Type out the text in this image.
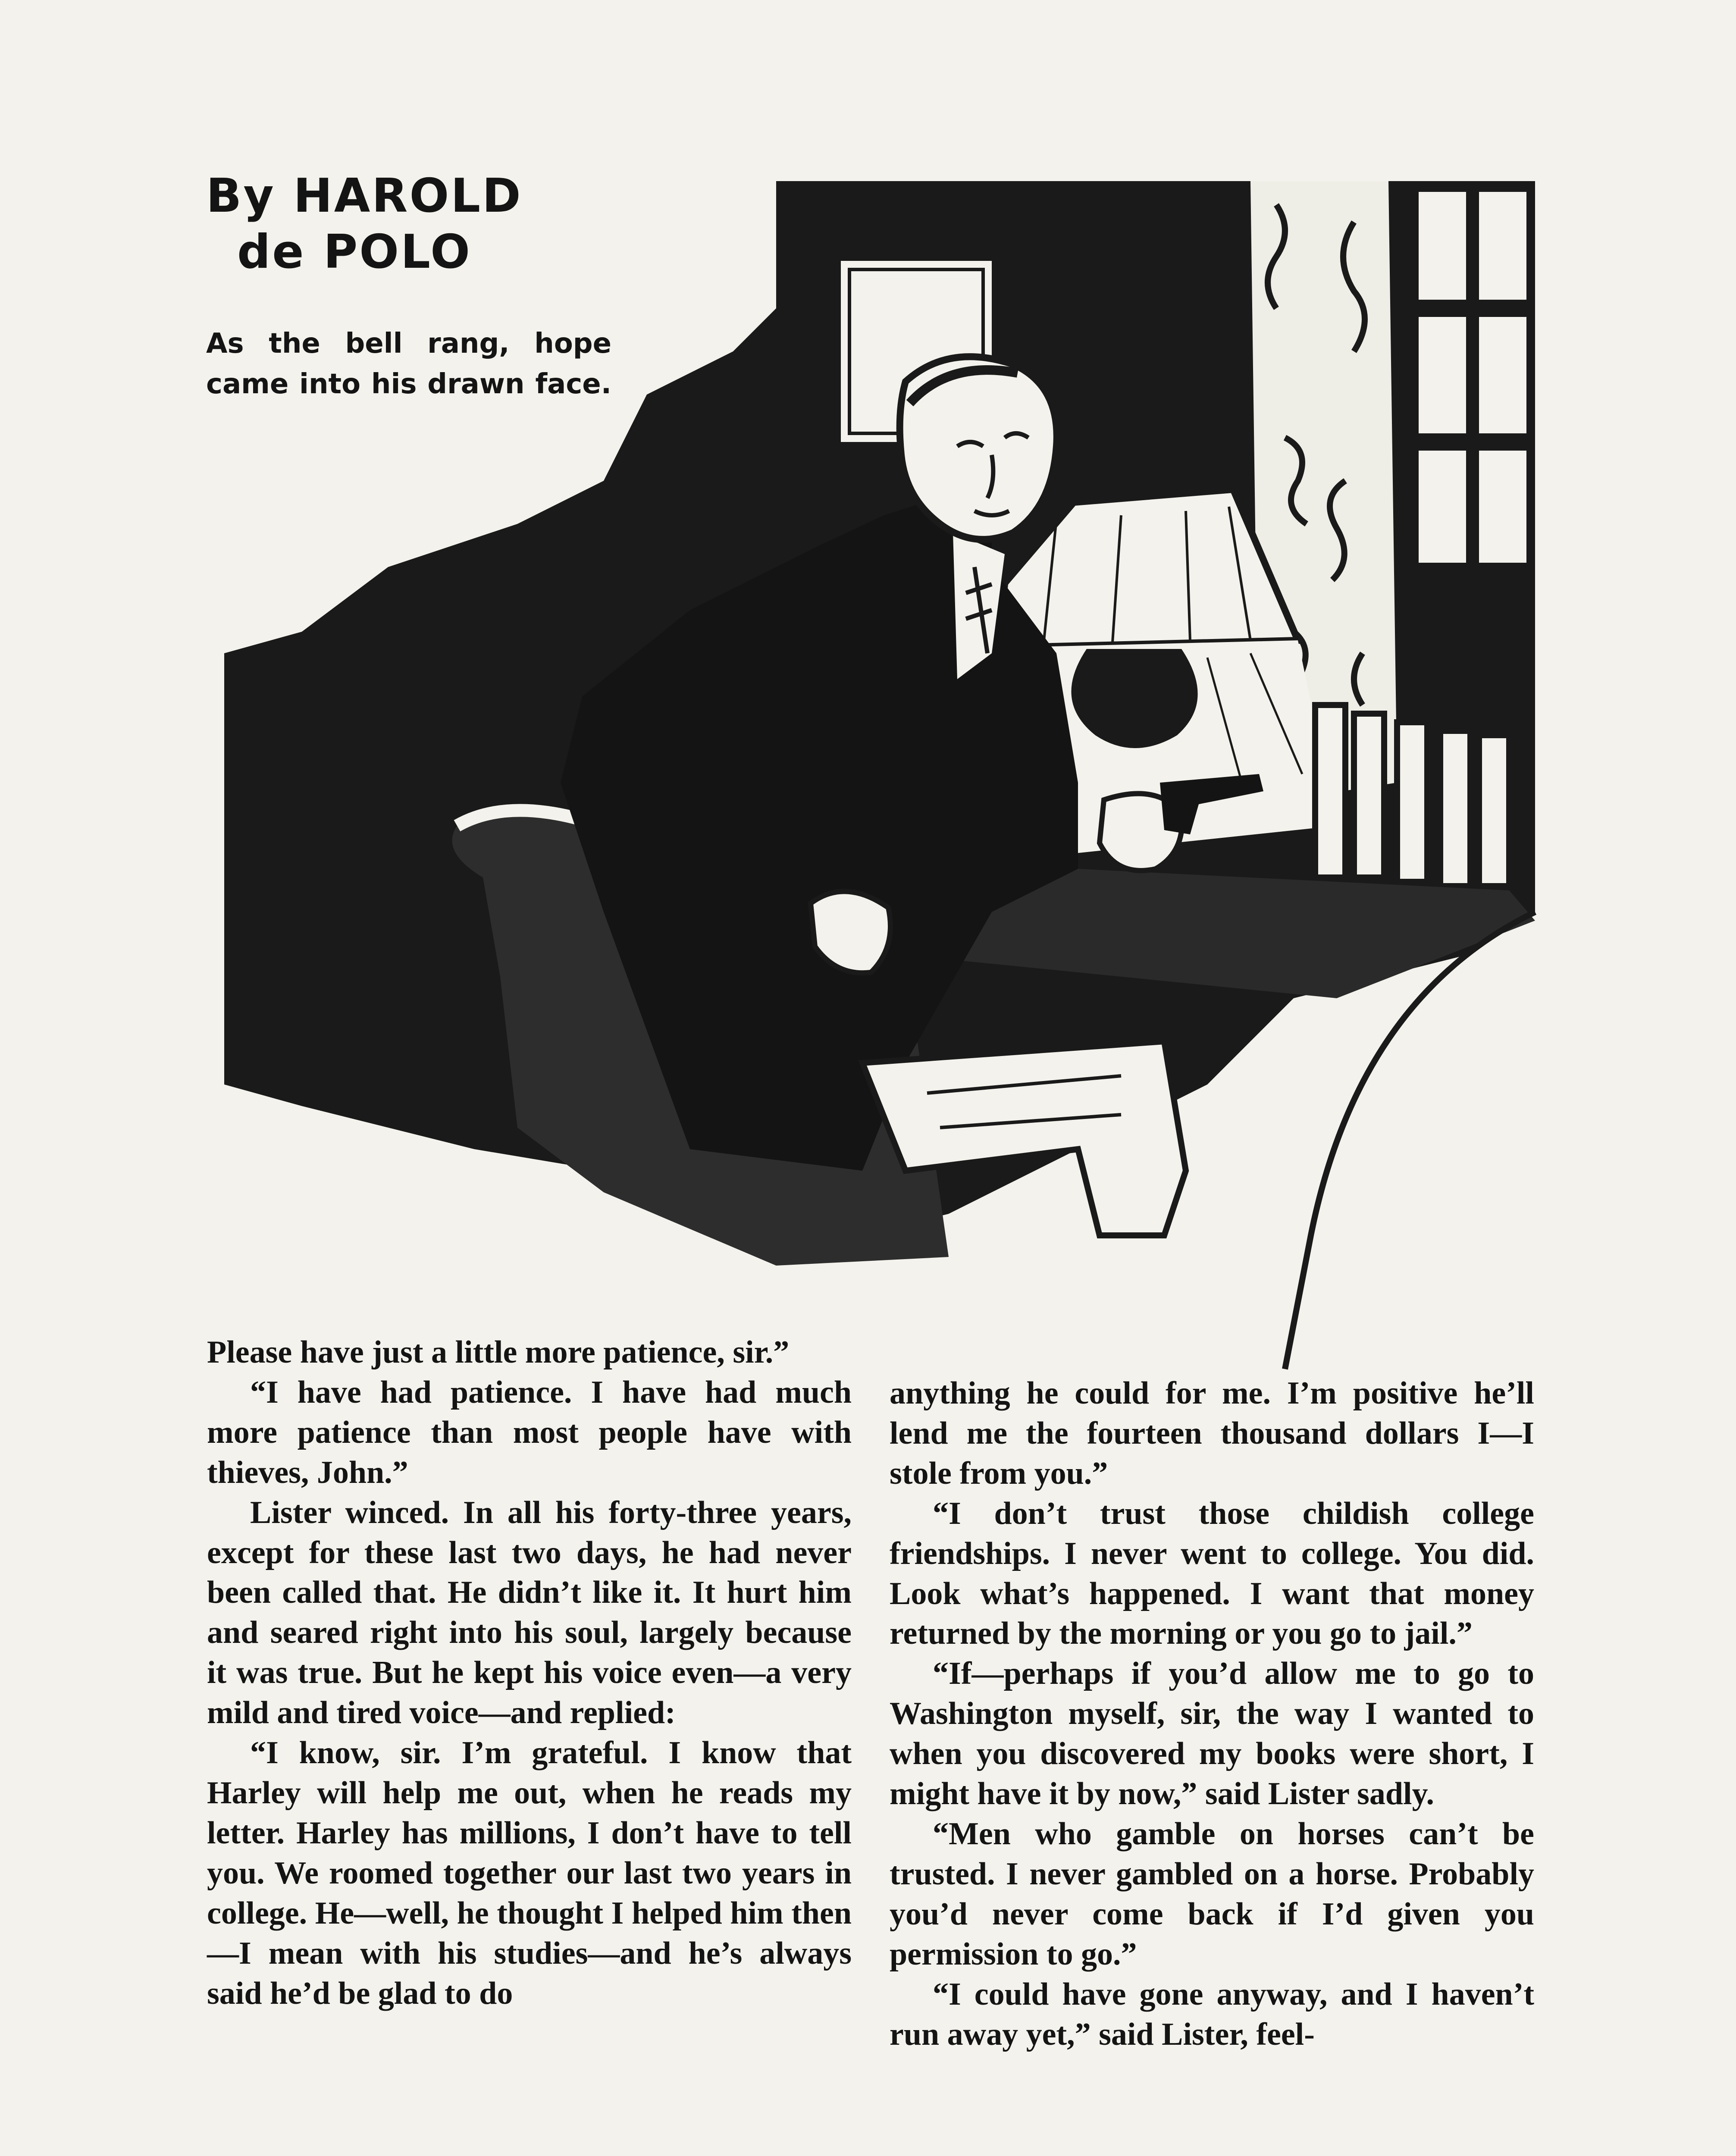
By HAROLD
de POLO
As the bell rang, hope
came into his drawn face.

Please have just a little more patience, sir.”

“I have had patience. I have had much more patience than most people have with thieves, John.”

Lister winced. In all his forty-three years, except for these last two days, he had never been called that. He didn’t like it. It hurt him and seared right into his soul, largely because it was true. But he kept his voice even—a very mild and tired voice—and replied:

“I know, sir. I’m grateful. I know that Harley will help me out, when he reads my letter. Harley has millions, I don’t have to tell you. We roomed together our last two years in college. He—well, he thought I helped him then—I mean with his studies—and he’s always said he’d be glad to do

anything he could for me. I’m positive he’ll lend me the fourteen thousand dollars I—I stole from you.”

“I don’t trust those childish college friendships. I never went to college. You did. Look what’s happened. I want that money returned by the morning or you go to jail.”

“If—perhaps if you’d allow me to go to Washington myself, sir, the way I wanted to when you discovered my books were short, I might have it by now,” said Lister sadly.

“Men who gamble on horses can’t be trusted. I never gambled on a horse. Probably you’d never come back if I’d given you permission to go.”

“I could have gone anyway, and I haven’t run away yet,” said Lister, feel-
